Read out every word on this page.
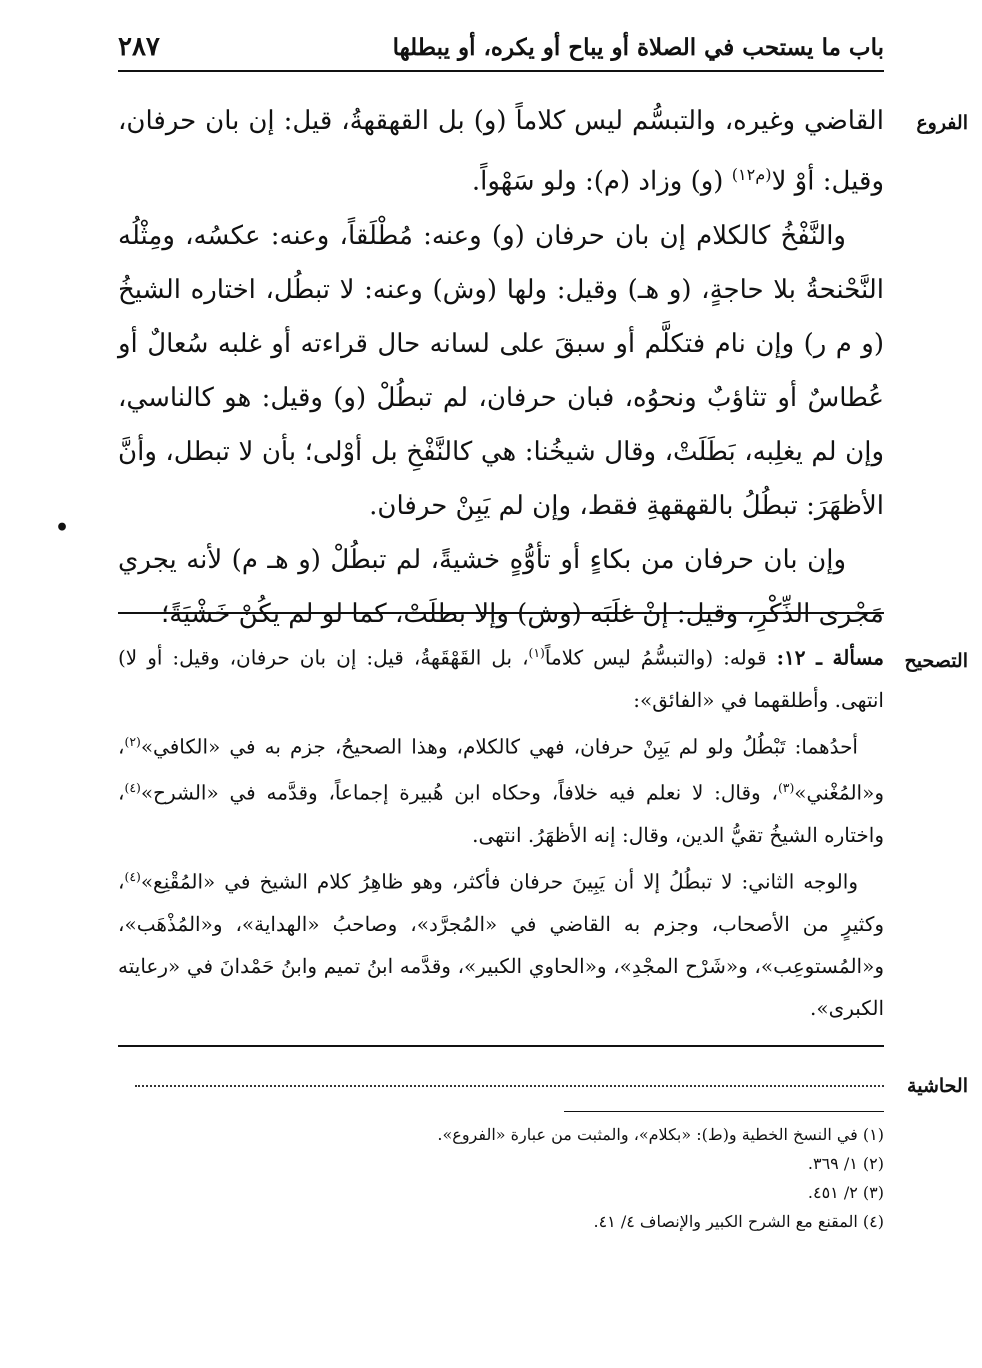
باب ما يستحب في الصلاة أو يباح أو يكره، أو يبطلها
٢٨٧
الفروع
التصحيح
الحاشية
•

القاضي وغيره، والتبسُّم ليس كلاماً (و) بل القهقهةُ، قيل: إن بان حرفان، وقيل: أوْ لا$^{(م١٢)}$ (و) وزاد (م): ولو سَهْواً.

والنَّفْخُ كالكلام إن بان حرفان (و) وعنه: مُطْلَقاً، وعنه: عكسُه، ومِثْلُه النَّحْنحةُ بلا حاجةٍ، (و هـ) وقيل: ولها (وش) وعنه: لا تبطُل، اختاره الشيخُ (و م ر) وإن نام فتكلَّم أو سبقَ على لسانه حال قراءته أو غلبه سُعالٌ أو عُطاسٌ أو تثاؤبٌ ونحوُه، فبان حرفان، لم تبطُلْ (و) وقيل: هو كالناسي، وإن لم يغلِبه، بَطَلَتْ، وقال شيخُنا: هي كالنَّفْخِ بل أوْلى؛ بأن لا تبطل، وأنَّ الأظهَرَ: تبطُلُ بالقهقهةِ فقط، وإن لم يَبِنْ حرفان.

وإن بان حرفان من بكاءٍ أو تأوُّهٍ خشيةً، لم تبطُلْ (و هـ م) لأنه يجري مَجْرى الذِّكْرِ، وقيل: إنْ غلَبَه (وش) وإلا بطلَتْ، كما لو لم يكُنْ خَشْيَةً؛

مسألة ـ ١٢: قوله: (والتبسُّمُ ليس كلاماً$^{(١)}$، بل القَهْقَهةُ، قيل: إن بان حرفان، وقيل: أو لا) انتهى. وأطلقهما في «الفائق»:

أحدُهما: تَبْطُلُ ولو لم يَبِنْ حرفان، فهي كالكلام، وهذا الصحيحُ، جزم به في «الكافي»$^{(٢)}$، و«المُغْني»$^{(٣)}$، وقال: لا نعلم فيه خلافاً، وحكاه ابن هُبيرة إجماعاً، وقدَّمه في «الشرح»$^{(٤)}$، واختاره الشيخُ تقيُّ الدين، وقال: إنه الأظهَرُ. انتهى.

والوجه الثاني: لا تبطُلُ إلا أن يَبِينَ حرفان فأكثر، وهو ظاهِرُ كلام الشيخ في «المُقْنِع»$^{(٤)}$، وكثيرٍ من الأصحاب، وجزم به القاضي في «المُجرَّد»، وصاحبُ «الهداية»، و«المُذْهَب»، و«المُستوعِب»، و«شَرْح المجْدِ»، و«الحاوي الكبير»، وقدَّمه ابنُ تميم وابنُ حَمْدانَ في «رعايته الكبرى».

(١) في النسخ الخطية و(ط): «بكلام»، والمثبت من عبارة «الفروع».

(٢) ١/ ٣٦٩.

(٣) ٢/ ٤٥١.

(٤) المقنع مع الشرح الكبير والإنصاف ٤/ ٤١.
